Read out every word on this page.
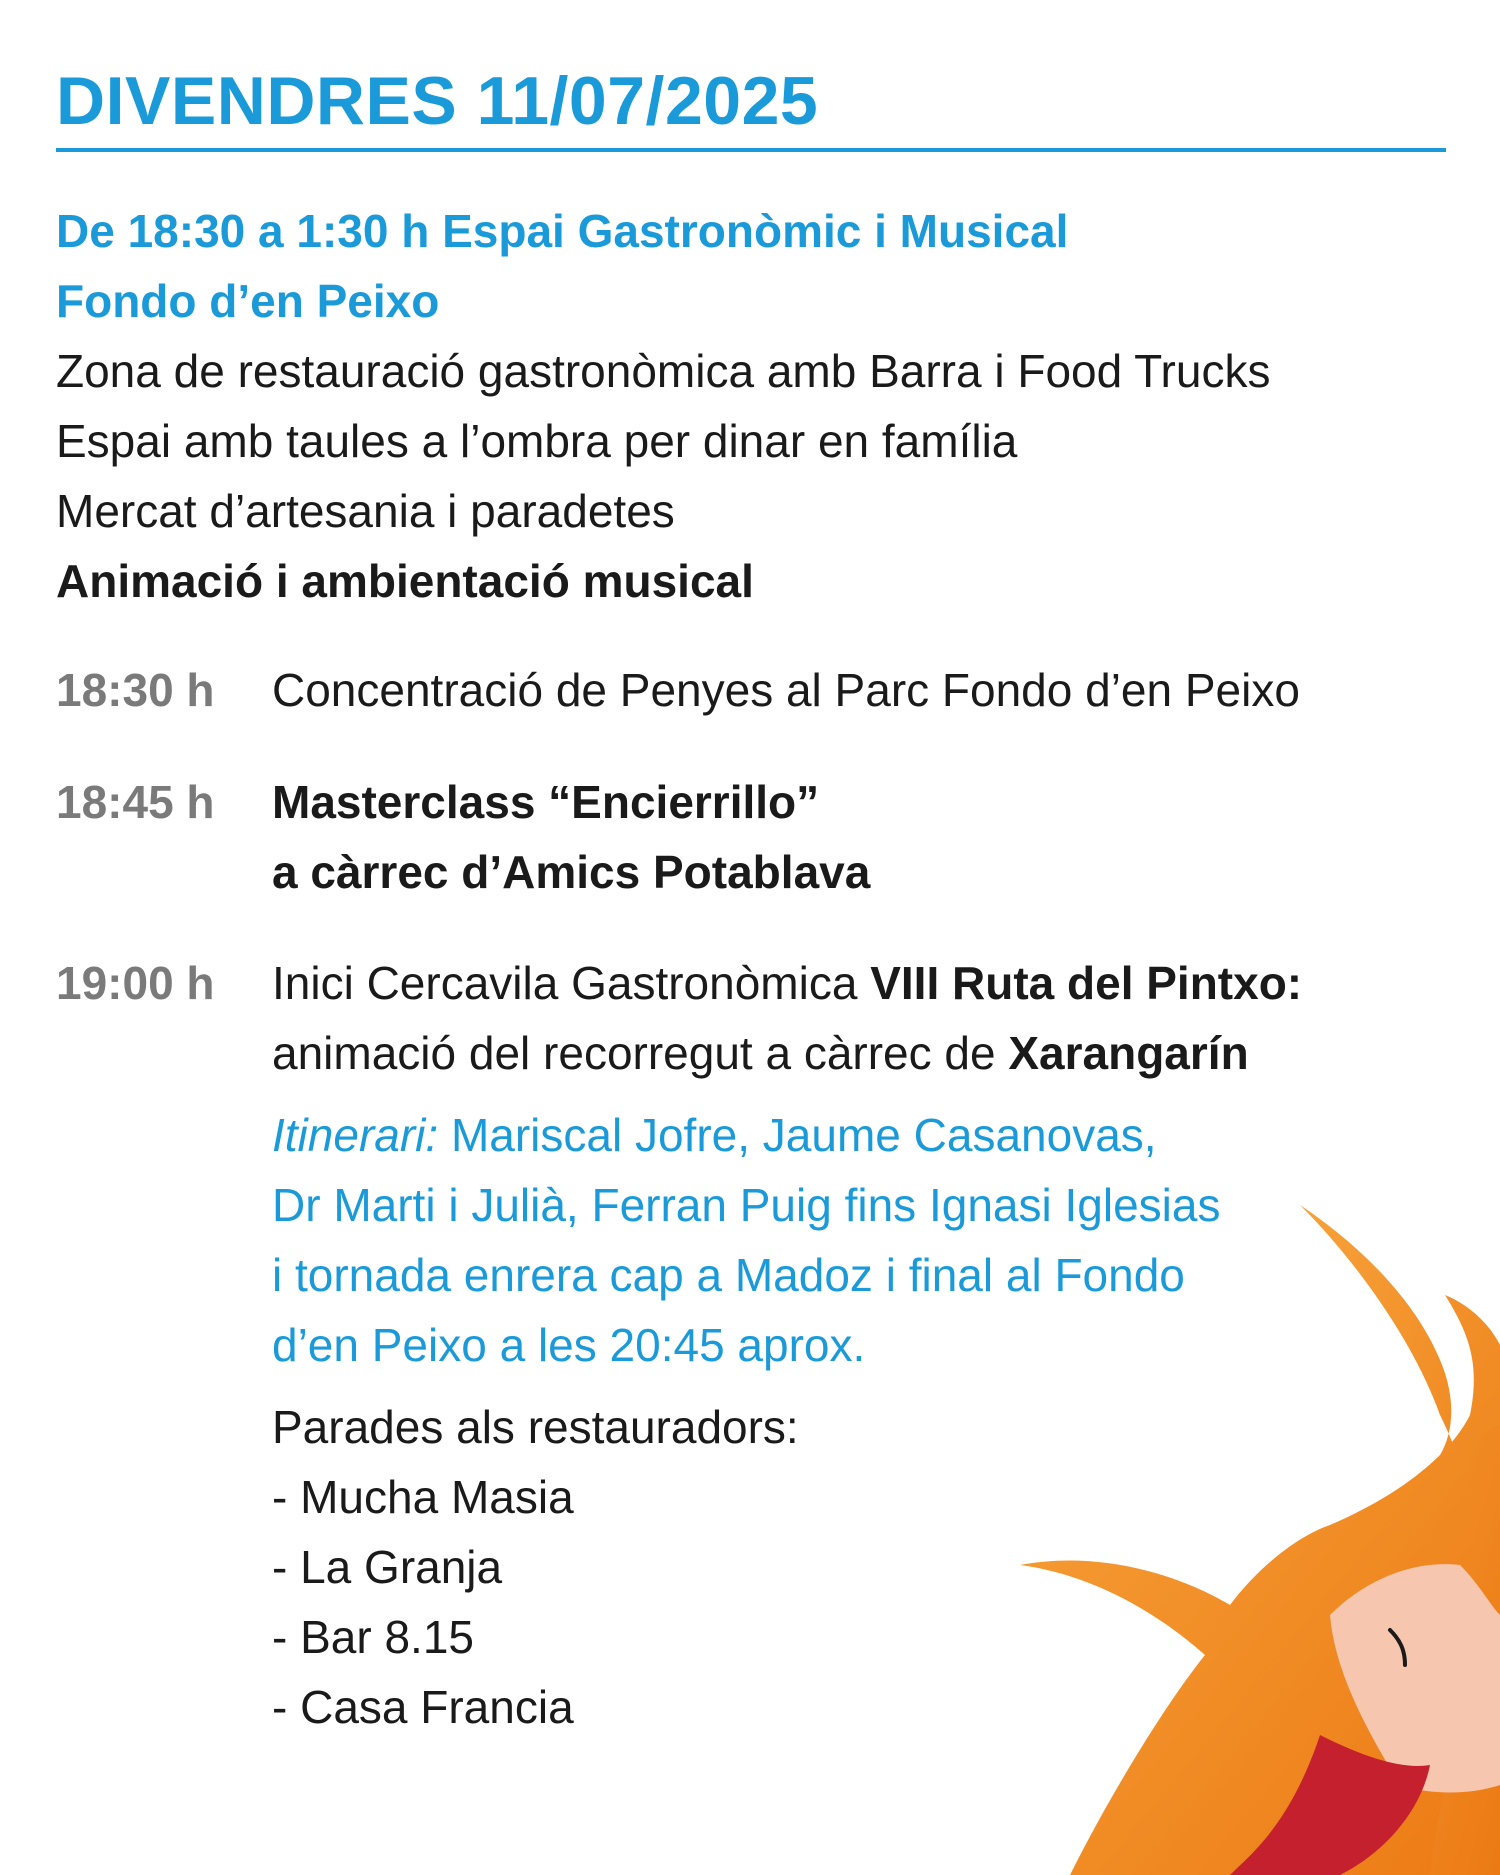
DIVENDRES 11/07/2025
De 18:30 a 1:30 h Espai Gastronòmic i Musical
Fondo d’en Peixo
Zona de restauració gastronòmica amb Barra i Food Trucks
Espai amb taules a l’ombra per dinar en família
Mercat d’artesania i paradetes
Animació i ambientació musical
18:30 h Concentració de Penyes al Parc Fondo d’en Peixo
18:45 h Masterclass “Encierrillo”
a càrrec d’Amics Potablava
19:00 h Inici Cercavila Gastronòmica VIII Ruta del Pintxo:
animació del recorregut a càrrec de Xarangarín
Itinerari: Mariscal Jofre, Jaume Casanovas,
Dr Marti i Julià, Ferran Puig fins Ignasi Iglesias
i tornada enrera cap a Madoz i final al Fondo
d’en Peixo a les 20:45 aprox.
Parades als restauradors:
- Mucha Masia
- La Granja
- Bar 8.15
- Casa Francia
